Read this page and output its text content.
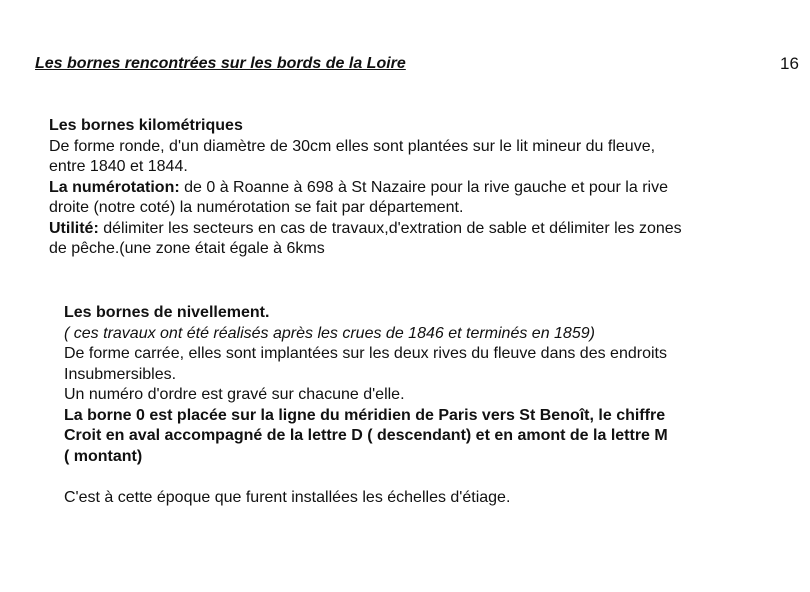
Les bornes rencontrées sur les bords de la Loire	16
Les bornes kilométriques
De forme ronde, d'un diamètre de 30cm elles sont plantées sur le lit mineur du fleuve,
entre 1840 et 1844.
La numérotation: de 0 à Roanne à 698 à St Nazaire pour la rive gauche et pour la rive
droite (notre coté) la numérotation se fait par département.
Utilité: délimiter les secteurs en cas de travaux,d'extration de sable et délimiter les zones
de pêche.(une zone était égale à 6kms
Les bornes de nivellement.
( ces travaux ont été réalisés après les crues de 1846 et terminés en 1859)
De forme carrée, elles sont implantées sur les deux rives du fleuve dans des endroits
Insubmersibles.
Un numéro d'ordre est gravé sur chacune d'elle.
La borne 0 est placée sur la ligne du méridien de Paris vers St Benoît, le chiffre
Croit en aval accompagné de la lettre D ( descendant) et en amont de la lettre M
( montant)
C'est à cette époque que furent installées les échelles d'étiage.
